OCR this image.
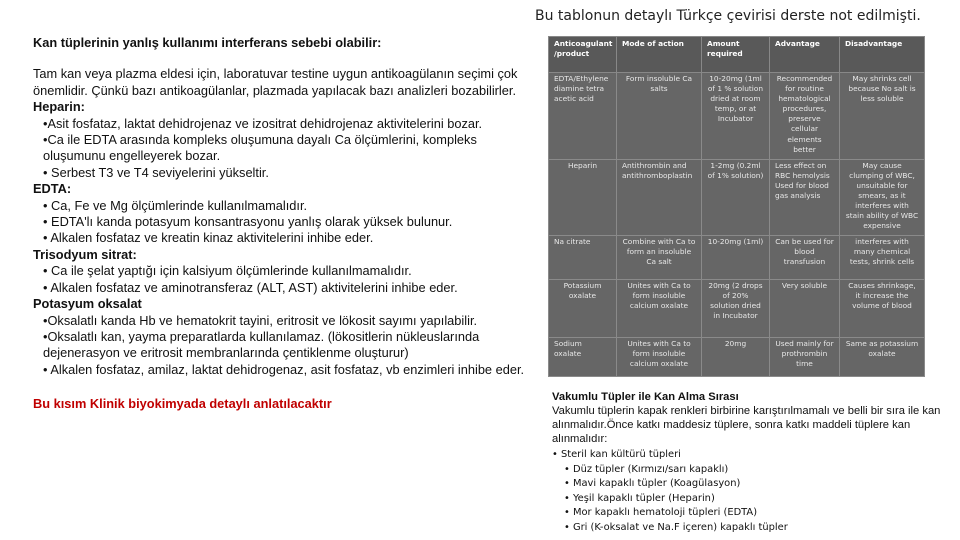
Bu tablonun detaylı Türkçe çevirisi derste not edilmişti.
Kan tüplerinin yanlış kullanımı interferans sebebi olabilir:
Tam kan veya plazma eldesi için, laboratuvar testine uygun antikoagülanın seçimi çok önemlidir. Çünkü bazı antikoagülanlar, plazmada yapılacak bazı analizleri bozabilirler.
Heparin:
•Asit fosfataz, laktat dehidrojenaz ve izositrat dehidrojenaz aktivitelerini bozar.
•Ca ile EDTA arasında kompleks oluşumuna dayalı Ca ölçümlerini, kompleks oluşumunu engelleyerek bozar.
• Serbest T3 ve T4 seviyelerini yükseltir.
EDTA:
• Ca, Fe ve Mg ölçümlerinde kullanılmamalıdır.
• EDTA'lı kanda potasyum konsantrasyonu yanlış olarak yüksek bulunur.
• Alkalen fosfataz ve kreatin kinaz aktivitelerini inhibe eder.
Trisodyum sitrat:
• Ca ile şelat yaptığı için kalsiyum ölçümlerinde kullanılmamalıdır.
• Alkalen fosfataz ve aminotransferaz (ALT, AST) aktivitelerini inhibe eder.
Potasyum oksalat
•Oksalatlı kanda Hb ve hematokrit tayini, eritrosit ve lökosit sayımı yapılabilir.
•Oksalatlı kan, yayma preparatlarda kullanılamaz. (lökositlerin nükleuslarında dejenerasyon ve eritrosit membranlarında çentiklenme oluşturur)
• Alkalen fosfataz, amilaz, laktat dehidrogenaz, asit fosfataz, vb enzimleri inhibe eder.
Bu kısım Klinik biyokimyada detaylı anlatılacaktır
Anticoagulant /product	Mode of action	Amount required	Advantage	Disadvantage
EDTA/Ethylene diamine tetra acetic acid	Form insoluble Ca salts	10-20mg (1ml of 1 % solution dried at room temp, or at Incubator	Recommended for routine hematological procedures, preserve cellular elements better	May shrinks cell because No salt is less soluble
Heparin	Antithrombin and antithromboplastin	1-2mg (0.2ml of 1% solution)	Less effect on RBC hemolysis Used for blood gas analysis	May cause clumping of WBC, unsuitable for smears, as it interferes with stain ability of WBC expensive
Na citrate	Combine with Ca to form an insoluble Ca salt	10-20mg (1ml)	Can be used for blood transfusion	interferes with many chemical tests, shrink cells
Potassium oxalate	Unites with Ca to form insoluble calcium oxalate	20mg (2 drops of 20% solution dried in Incubator	Very soluble	Causes shrinkage, it increase the volume of blood
Sodium oxalate	Unites with Ca to form insoluble calcium oxalate	20mg	Used mainly for prothrombin time	Same as potassium oxalate
Vakumlu Tüpler ile Kan Alma Sırası
Vakumlu tüplerin kapak renkleri birbirine karıştırılmamalı ve belli bir sıra ile kan alınmalıdır.Önce katkı maddesiz tüplere, sonra katkı maddeli tüplere kan alınmalıdır:
• Steril kan kültürü tüpleri
• Düz tüpler (Kırmızı/sarı kapaklı)
• Mavi kapaklı tüpler (Koagülasyon)
• Yeşil kapaklı tüpler (Heparin)
• Mor kapaklı hematoloji tüpleri (EDTA)
• Gri (K-oksalat ve Na.F içeren) kapaklı tüpler
